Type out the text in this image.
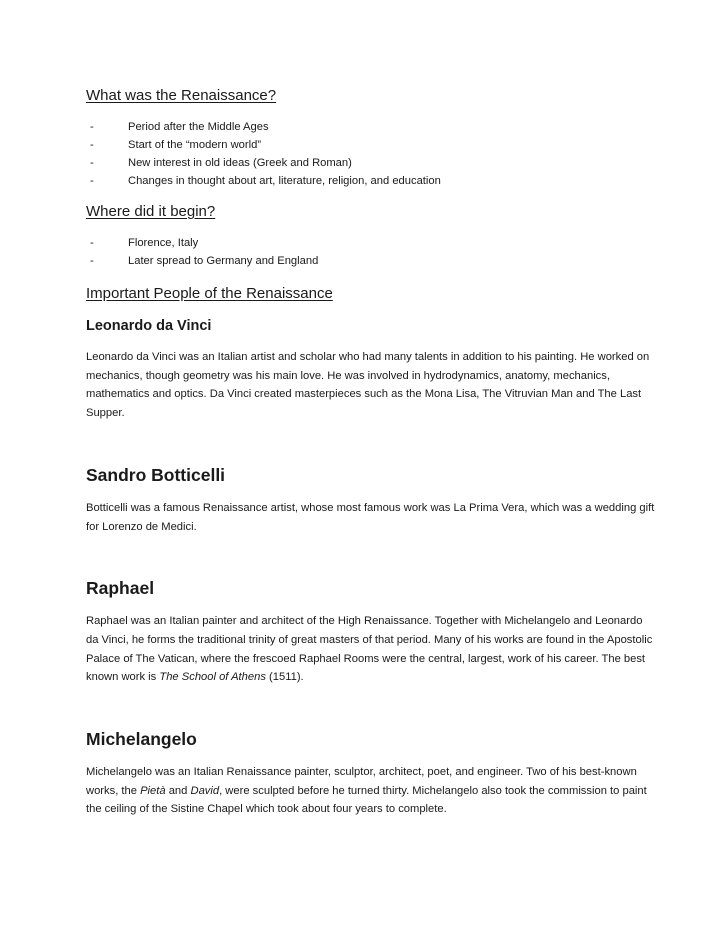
What was the Renaissance?
-	Period after the Middle Ages
-	Start of the “modern world”
-	New interest in old ideas (Greek and Roman)
-	Changes in thought about art, literature, religion, and education
Where did it begin?
-	Florence, Italy
-	Later spread to Germany and England
Important People of the Renaissance
Leonardo da Vinci

Leonardo da Vinci was an Italian artist and scholar who had many talents in addition to his painting. He worked on mechanics, though geometry was his main love. He was involved in hydrodynamics, anatomy, mechanics, mathematics and optics. Da Vinci created masterpieces such as the Mona Lisa, The Vitruvian Man and The Last Supper.

Sandro Botticelli

Botticelli was a famous Renaissance artist, whose most famous work was La Prima Vera, which was a wedding gift for Lorenzo de Medici.

Raphael

Raphael was an Italian painter and architect of the High Renaissance. Together with Michelangelo and Leonardo da Vinci, he forms the traditional trinity of great masters of that period. Many of his works are found in the Apostolic Palace of The Vatican, where the frescoed Raphael Rooms were the central, largest, work of his career. The best known work is The School of Athens (1511).

Michelangelo

Michelangelo was an Italian Renaissance painter, sculptor, architect, poet, and engineer. Two of his best-known works, the Pietà and David, were sculpted before he turned thirty. Michelangelo also took the commission to paint the ceiling of the Sistine Chapel which took about four years to complete.
